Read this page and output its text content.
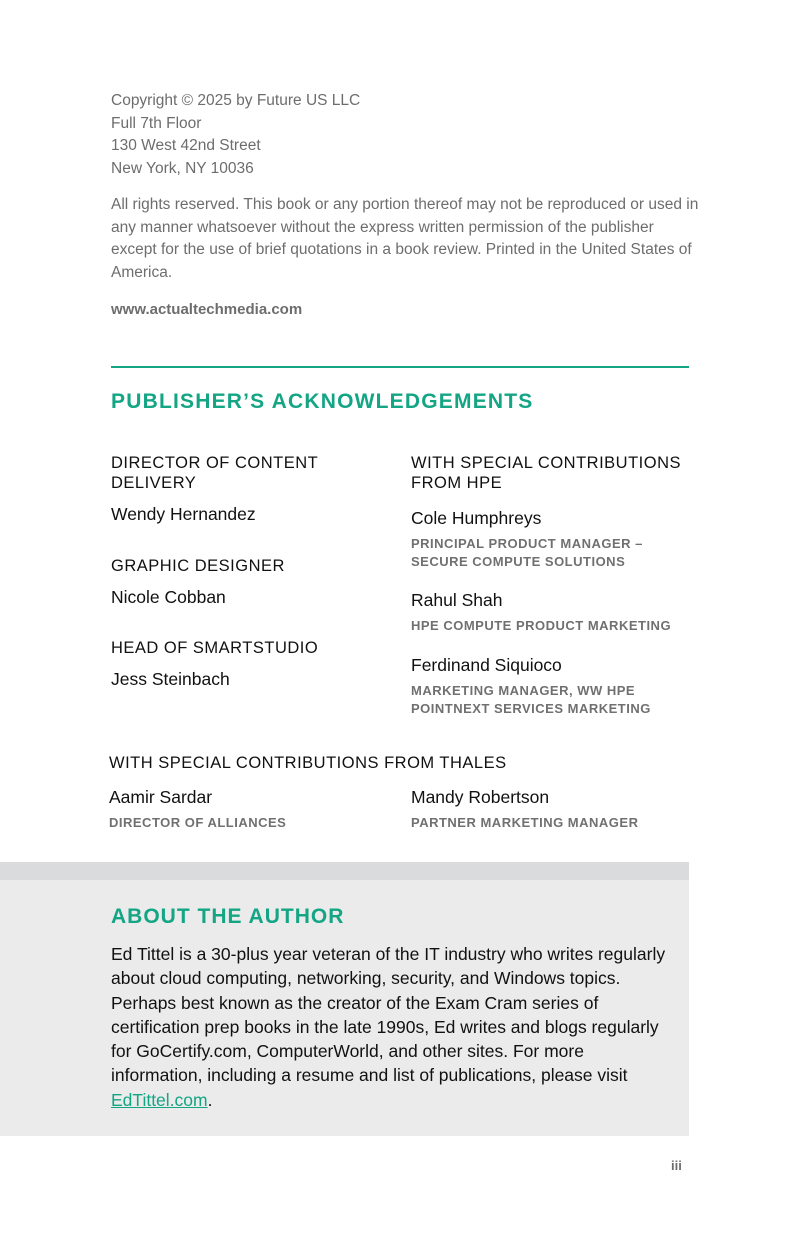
Copyright © 2025 by Future US LLC
Full 7th Floor
130 West 42nd Street
New York, NY 10036
All rights reserved. This book or any portion thereof may not be reproduced or used in any manner whatsoever without the express written permission of the publisher except for the use of brief quotations in a book review. Printed in the United States of America.
www.actualtechmedia.com
PUBLISHER’S ACKNOWLEDGEMENTS
DIRECTOR OF CONTENT DELIVERY
Wendy Hernandez
GRAPHIC DESIGNER
Nicole Cobban
HEAD OF SMARTSTUDIO
Jess Steinbach
WITH SPECIAL CONTRIBUTIONS FROM HPE
Cole Humphreys
PRINCIPAL PRODUCT MANAGER – SECURE COMPUTE SOLUTIONS
Rahul Shah
HPE COMPUTE PRODUCT MARKETING
Ferdinand Siquioco
MARKETING MANAGER, WW HPE POINTNEXT SERVICES MARKETING
WITH SPECIAL CONTRIBUTIONS FROM THALES
Aamir Sardar
DIRECTOR OF ALLIANCES
Mandy Robertson
PARTNER MARKETING MANAGER
ABOUT THE AUTHOR
Ed Tittel is a 30-plus year veteran of the IT industry who writes regularly about cloud computing, networking, security, and Windows topics. Perhaps best known as the creator of the Exam Cram series of certification prep books in the late 1990s, Ed writes and blogs regularly for GoCertify.com, ComputerWorld, and other sites. For more information, including a resume and list of publications, please visit EdTittel.com.
iii
